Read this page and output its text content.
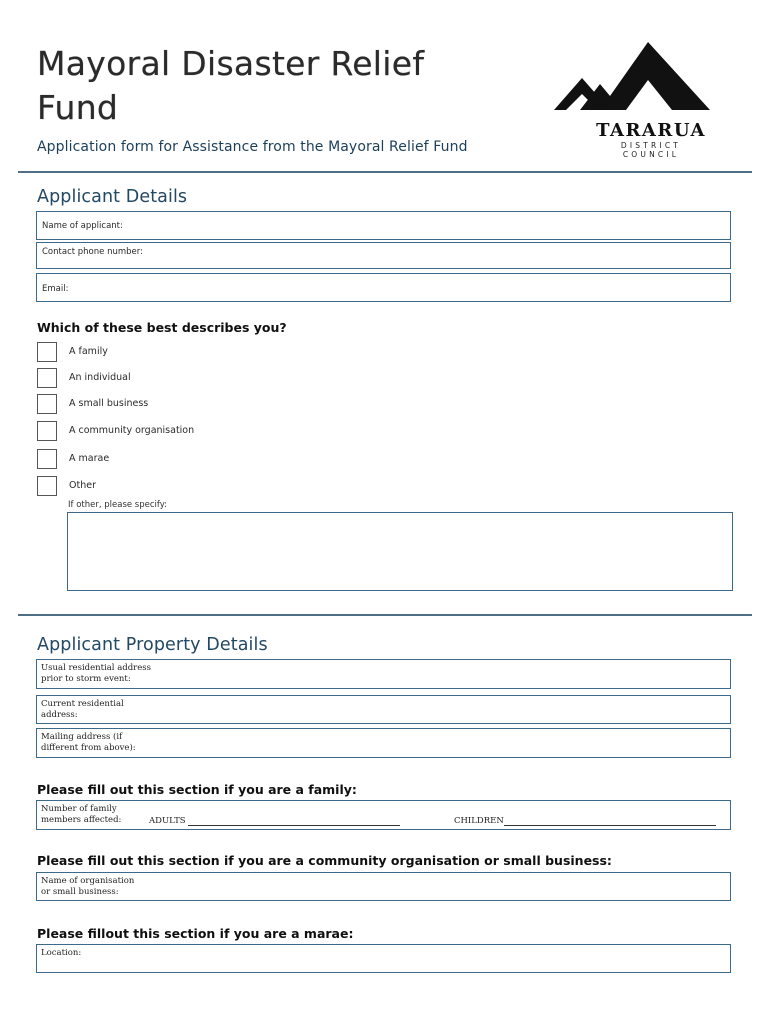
Mayoral Disaster Relief Fund
Application form for Assistance from the Mayoral Relief Fund
TARARUA
DISTRICT COUNCIL
Applicant Details
Name of applicant:
Contact phone number:
Email:
Which of these best describes you?
A family
An individual
A small business
A community organisation
A marae
Other
If other, please specify:
Applicant Property Details
Usual residential address
prior to storm event:
Current residential
address:
Mailing address (if
different from above):
Please fill out this section if you are a family:
Number of family
members affected:	ADULTS	CHILDREN
Please fill out this section if you are a community organisation or small business:
Name of organisation
or small business:
Please fillout this section if you are a marae:
Location:
